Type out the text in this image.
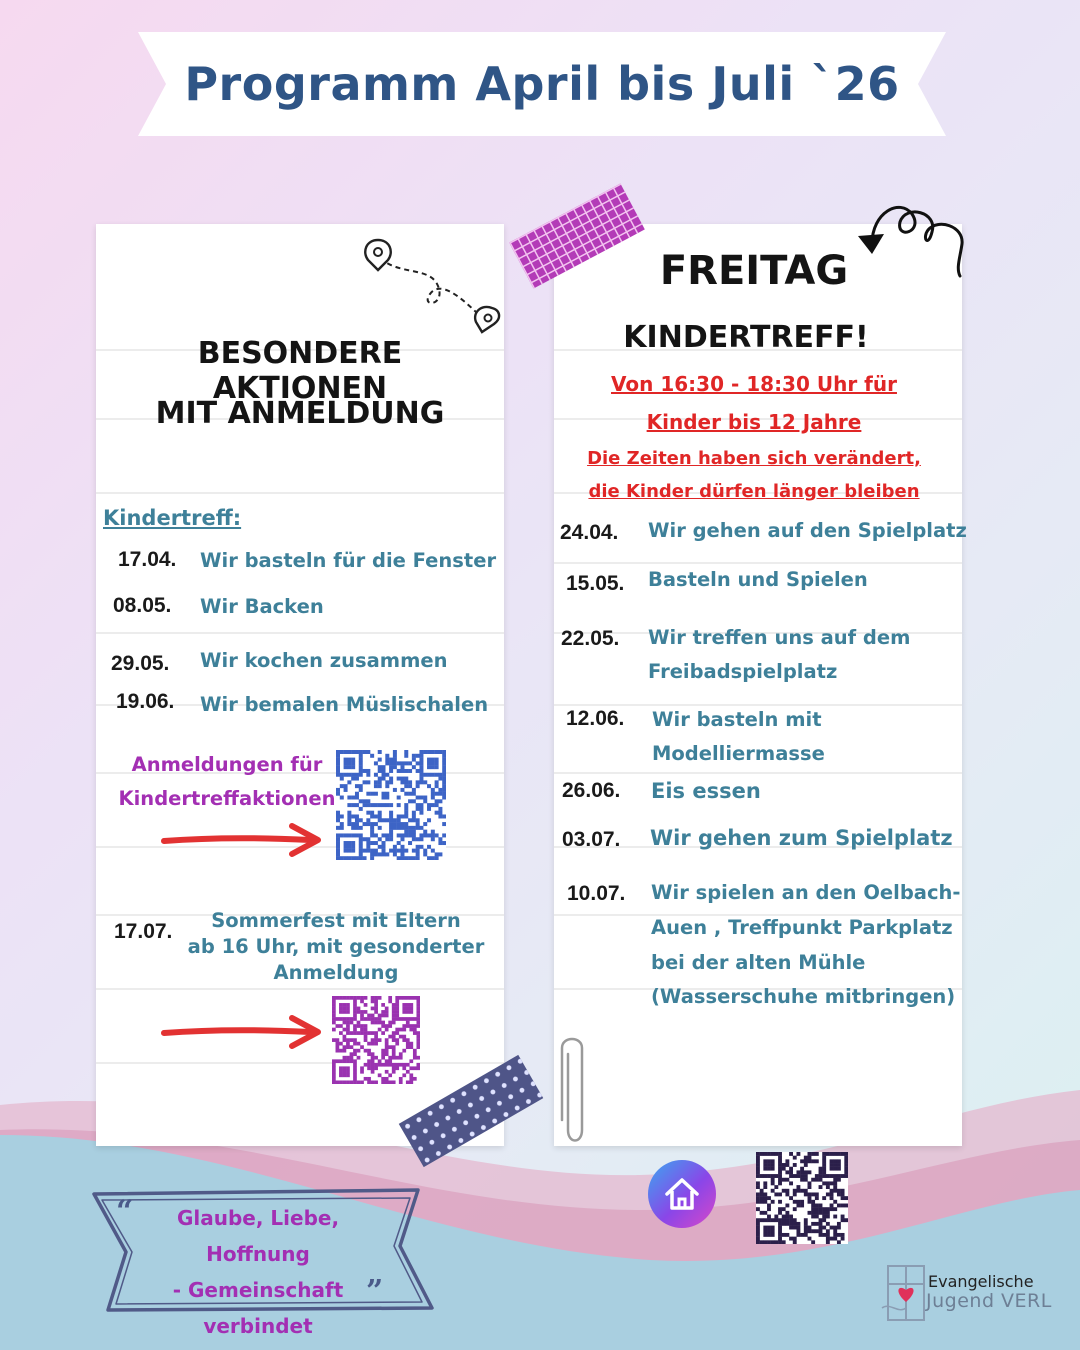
Programm April bis Juli `26
BESONDERE AKTIONEN
MIT ANMELDUNG
Kindertreff:
17.04. Wir basteln für die Fenster
08.05. Wir Backen
29.05. Wir kochen zusammen
19.06. Wir bemalen Müslischalen
Anmeldungen für
Kindertreffaktionen
17.07.	Sommerfest mit Eltern
ab 16 Uhr, mit gesonderter
Anmeldung
FREITAG
KINDERTREFF!
Von 16:30 - 18:30 Uhr für
Kinder bis 12 Jahre
Die Zeiten haben sich verändert,
die Kinder dürfen länger bleiben
24.04. Wir gehen auf den Spielplatz
15.05. Basteln und Spielen
22.05. Wir treffen uns auf dem
Freibadspielplatz
12.06. Wir basteln mit
Modelliermasse
26.06. Eis essen
03.07. Wir gehen zum Spielplatz
10.07. Wir spielen an den Oelbach-
Auen , Treffpunkt Parkplatz
bei der alten Mühle
(Wasserschuhe mitbringen)
“	Glaube, Liebe, Hoffnung
- Gemeinschaft
verbindet
”	Evangelische
Jugend VERL
